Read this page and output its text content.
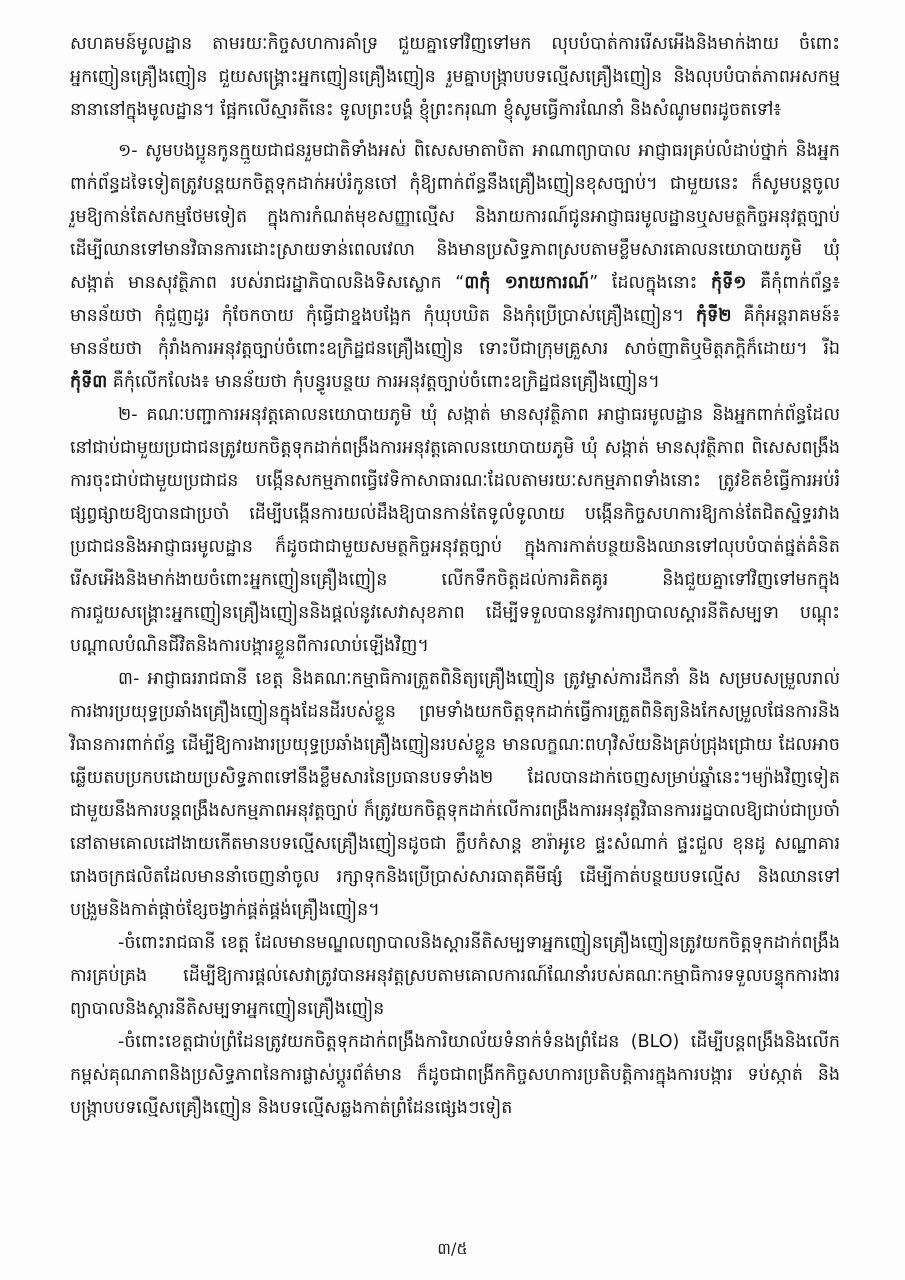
សហគមន៍មូលដ្ឋាន តាមរយៈកិច្ចសហការគាំទ្រ ជួយគ្នាទៅវិញទៅមក លុបបំបាត់ការរើសអើងនិងមាក់ងាយ ចំពោះអ្នកញៀនគ្រឿងញៀន ជួយសង្គ្រោះអ្នកញៀនគ្រឿងញៀន រួមគ្នាបង្ក្រាបបទល្មើសគ្រឿងញៀន និងលុបបំបាត់ភាពអសកម្មនានានៅក្នុងមូលដ្ឋាន។ ផ្អែកលើស្មារតីនេះ ទូលព្រះបង្គំ ខ្ញុំព្រះករុណា ខ្ញុំសូមធ្វើការណែនាំ និងសំណូមពរដូចតទៅ៖

១- សូមបងប្អូនកូនក្មួយជាជនរួមជាតិទាំងអស់ ពិសេសមាតាបិតា អាណាព្យាបាល អាជ្ញាធរគ្រប់លំដាប់ថ្នាក់ និងអ្នកពាក់ព័ន្ធដទៃទៀតត្រូវបន្តយកចិត្តទុកដាក់អប់រំកូនចៅ កុំឱ្យពាក់ព័ន្ធនឹងគ្រឿងញៀនខុសច្បាប់។ ជាមួយនេះ ក៏សូមបន្តចូលរួមឱ្យកាន់តែសកម្មថែមទៀត ក្នុងការកំណត់មុខសញ្ញាល្មើស និងរាយការណ៍ជូនអាជ្ញាធរមូលដ្ឋានឬសមត្ថកិច្ចអនុវត្តច្បាប់ ដើម្បីឈានទៅមានវិធានការដោះស្រាយទាន់ពេលវេលា និងមានប្រសិទ្ធភាពស្របតាមខ្លឹមសារគោលនយោបាយភូមិ ឃុំ សង្កាត់ មានសុវត្ថិភាព របស់រាជរដ្ឋាភិបាលនិងទិសស្លោក “៣កុំ ១រាយការណ៍” ដែលក្នុងនោះ កុំទី១ គឺកុំពាក់ព័ន្ធ៖ មានន័យថា កុំជួញដូរ កុំចែកចាយ កុំធ្វើជាខ្នងបង្អែក កុំឃុបឃិត និងកុំប្រើប្រាស់គ្រឿងញៀន។ កុំទី២ គឺកុំអន្តរាគមន៍៖ មានន័យថា កុំរាំងការអនុវត្តច្បាប់ចំពោះឧក្រិដ្ឋជនគ្រឿងញៀន ទោះបីជាក្រុមគ្រួសារ សាច់ញាតិឬមិត្តភក្តិក៏ដោយ។ រីឯ កុំទី៣ គឺកុំលើកលែង៖ មានន័យថា កុំបន្ធូរបន្ថយ ការអនុវត្តច្បាប់ចំពោះឧក្រិដ្ឋជនគ្រឿងញៀន។

២- គណៈបញ្ជាការអនុវត្តគោលនយោបាយភូមិ ឃុំ សង្កាត់ មានសុវត្ថិភាព អាជ្ញាធរមូលដ្ឋាន និងអ្នកពាក់ព័ន្ធដែលនៅជាប់ជាមួយប្រជាជនត្រូវយកចិត្តទុកដាក់ពង្រឹងការអនុវត្តគោលនយោបាយភូមិ ឃុំ សង្កាត់ មានសុវត្ថិភាព ពិសេសពង្រឹងការចុះជាប់ជាមួយប្រជាជន បង្កើនសកម្មភាពធ្វើវេទិកាសាធារណៈដែលតាមរយៈសកម្មភាពទាំងនោះ ត្រូវខិតខំធ្វើការអប់រំផ្សព្វផ្សាយឱ្យបានជាប្រចាំ ដើម្បីបង្កើនការយល់ដឹងឱ្យបានកាន់តែទូលំទូលាយ បង្កើនកិច្ចសហការឱ្យកាន់តែជិតស្និទ្ធរវាងប្រជាជននិងអាជ្ញាធរមូលដ្ឋាន ក៏ដូចជាជាមួយសមត្ថកិច្ចអនុវត្តច្បាប់ ក្នុងការកាត់បន្ថយនិងឈានទៅលុបបំបាត់ផ្នត់គំនិតរើសអើងនិងមាក់ងាយចំពោះអ្នកញៀនគ្រឿងញៀន លើកទឹកចិត្តដល់ការគិតគូរ និងជួយគ្នាទៅវិញទៅមកក្នុងការជួយសង្គ្រោះអ្នកញៀនគ្រឿងញៀននិងផ្តល់នូវសេវាសុខភាព ដើម្បីទទួលបាននូវការព្យាបាលស្តារនីតិសម្បទា បណ្តុះបណ្តាលបំណិនជីវិតនិងការបង្ការខ្លួនពីការលាប់ឡើងវិញ។

៣- អាជ្ញាធររាជធានី ខេត្ត និងគណៈកម្មាធិការត្រួតពិនិត្យគ្រឿងញៀន ត្រូវម្ចាស់ការដឹកនាំ និង សម្របសម្រួលរាល់ការងារប្រយុទ្ធប្រឆាំងគ្រឿងញៀនក្នុងដែនដីរបស់ខ្លួន ព្រមទាំងយកចិត្តទុកដាក់ធ្វើការត្រួតពិនិត្យនិងកែសម្រួលផែនការនិងវិធានការពាក់ព័ន្ធ ដើម្បីឱ្យការងារប្រយុទ្ធប្រឆាំងគ្រឿងញៀនរបស់ខ្លួន មានលក្ខណៈពហុវិស័យនិងគ្រប់ជ្រុងជ្រោយ ដែលអាចឆ្លើយតបប្រកបដោយប្រសិទ្ធភាពទៅនឹងខ្លឹមសារនៃប្រធានបទទាំង២ ដែលបានដាក់ចេញសម្រាប់ឆ្នាំនេះ។ម្យ៉ាងវិញទៀតជាមួយនឹងការបន្តពង្រឹងសកម្មភាពអនុវត្តច្បាប់ ក៏ត្រូវយកចិត្តទុកដាក់លើការពង្រឹងការអនុវត្តវិធានការរដ្ឋបាលឱ្យជាប់ជាប្រចាំនៅតាមគោលដៅងាយកើតមានបទល្មើសគ្រឿងញៀនដូចជា ក្លឹបកំសាន្ត ខារ៉ាអូខេ ផ្ទះសំណាក់ ផ្ទះជួល ខុនដូ សណ្ឋាគារ រោងចក្រផលិតដែលមាននាំចេញនាំចូល រក្សាទុកនិងប្រើប្រាស់សារធាតុគីមីផ្សំ ដើម្បីកាត់បន្ថយបទល្មើស និងឈានទៅបង្រួមនិងកាត់ផ្តាច់ខ្សែចង្វាក់ផ្គត់ផ្គង់គ្រឿងញៀន។

-ចំពោះរាជធានី ខេត្ត ដែលមានមណ្ឌលព្យាបាលនិងស្តារនីតិសម្បទាអ្នកញៀនគ្រឿងញៀនត្រូវយកចិត្តទុកដាក់ពង្រឹងការគ្រប់គ្រង ដើម្បីឱ្យការផ្តល់សេវាត្រូវបានអនុវត្តស្របតាមគោលការណ៍ណែនាំរបស់គណៈកម្មាធិការទទួលបន្ទុកការងារព្យាបាលនិងស្តារនីតិសម្បទាអ្នកញៀនគ្រឿងញៀន

-ចំពោះខេត្តជាប់ព្រំដែនត្រូវយកចិត្តទុកដាក់ពង្រឹងការិយាល័យទំនាក់ទំនងព្រំដែន (BLO) ដើម្បីបន្តពង្រឹងនិងលើកកម្ពស់គុណភាពនិងប្រសិទ្ធភាពនៃការផ្លាស់ប្តូរព័ត៌មាន ក៏ដូចជាពង្រីកកិច្ចសហការប្រតិបត្តិការក្នុងការបង្ការ ទប់ស្កាត់ និងបង្ក្រាបបទល្មើសគ្រឿងញៀន និងបទល្មើសឆ្លងកាត់ព្រំដែនផ្សេងៗទៀត

៣/៥
